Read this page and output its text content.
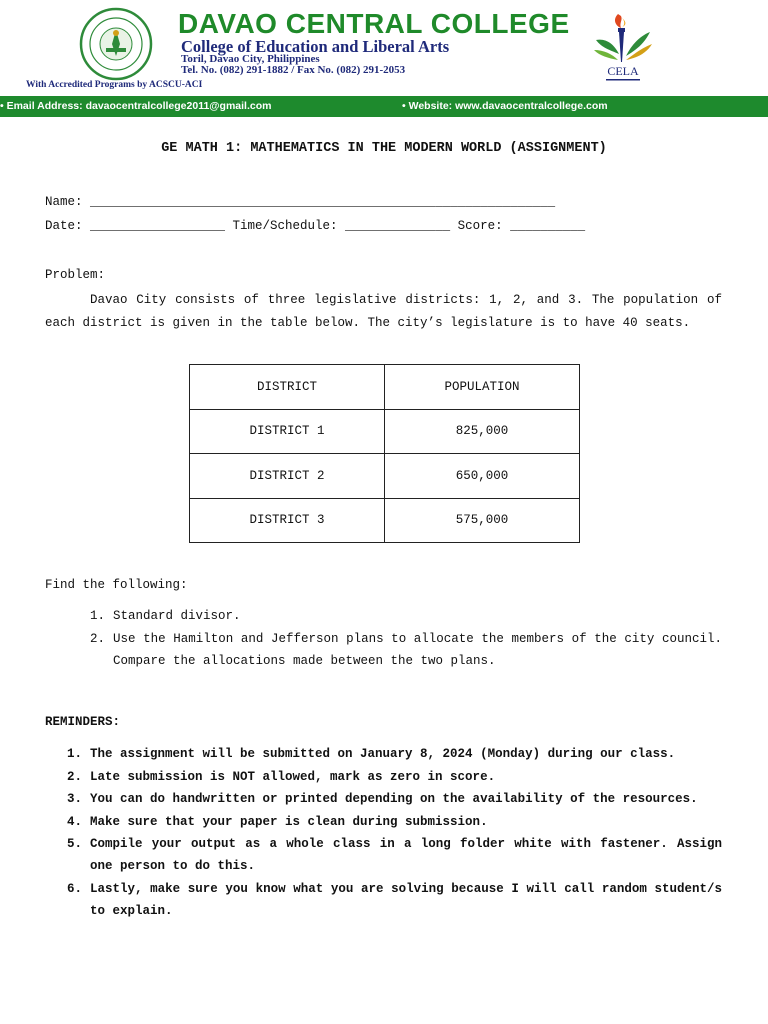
DAVAO CENTRAL COLLEGE
College of Education and Liberal Arts
Toril, Davao City, Philippines
Tel. No. (082) 291-1882 / Fax No. (082) 291-2053
With Accredited Programs by ACSCU-ACI
CELA
• Email Address: davaocentralcollege2011@gmail.com	• Website: www.davaocentralcollege.com
GE MATH 1: MATHEMATICS IN THE MODERN WORLD (ASSIGNMENT)
Name: ______________________________________________________________
Date: __________________ Time/Schedule: ______________ Score: __________
Problem:
Davao City consists of three legislative districts: 1, 2, and 3. The population of each district is given in the table below. The city’s legislature is to have 40 seats.
DISTRICT	POPULATION
DISTRICT 1	825,000
DISTRICT 2	650,000
DISTRICT 3	575,000
Find the following:
1. Standard divisor.
2. Use the Hamilton and Jefferson plans to allocate the members of the city council. Compare the allocations made between the two plans.
REMINDERS:
1. The assignment will be submitted on January 8, 2024 (Monday) during our class.
2. Late submission is NOT allowed, mark as zero in score.
3. You can do handwritten or printed depending on the availability of the resources.
4. Make sure that your paper is clean during submission.
5. Compile your output as a whole class in a long folder white with fastener. Assign one person to do this.
6. Lastly, make sure you know what you are solving because I will call random student/s to explain.
